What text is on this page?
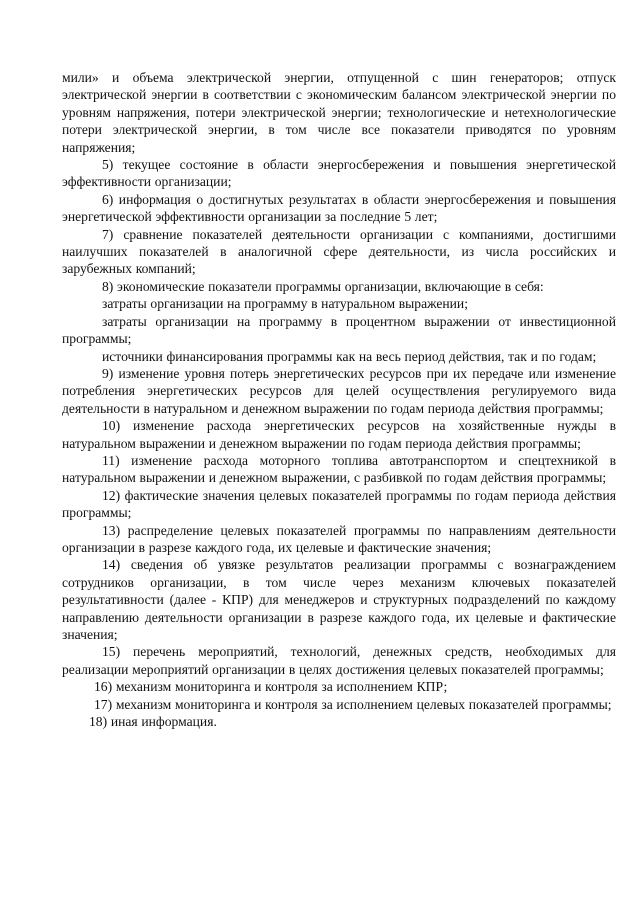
мили» и объема электрической энергии, отпущенной с шин генераторов; отпуск электрической энергии в соответствии с экономическим балансом электрической энергии по уровням напряжения, потери электрической энергии; технологические и нетехнологические потери электрической энергии, в том числе все показатели приводятся по уровням напряжения;

5) текущее состояние в области энергосбережения и повышения энергетической эффективности организации;

6) информация о достигнутых результатах в области энергосбережения и повышения энергетической эффективности организации за последние 5 лет;

7) сравнение показателей деятельности организации с компаниями, достигшими наилучших показателей в аналогичной сфере деятельности, из числа российских и зарубежных компаний;

8) экономические показатели программы организации, включающие в себя:

затраты организации на программу в натуральном выражении;

затраты организации на программу в процентном выражении от инвестиционной программы;

источники финансирования программы как на весь период действия, так и по годам;

9) изменение уровня потерь энергетических ресурсов при их передаче или изменение потребления энергетических ресурсов для целей осуществления регулируемого вида деятельности в натуральном и денежном выражении по годам периода действия программы;

10) изменение расхода энергетических ресурсов на хозяйственные нужды в натуральном выражении и денежном выражении по годам периода действия программы;

11) изменение расхода моторного топлива автотранспортом и спецтехникой в натуральном выражении и денежном выражении, с разбивкой по годам действия программы;

12) фактические значения целевых показателей программы по годам периода действия программы;

13) распределение целевых показателей программы по направлениям деятельности организации в разрезе каждого года, их целевые и фактические значения;

14) сведения об увязке результатов реализации программы с вознаграждением сотрудников организации, в том числе через механизм ключевых показателей результативности (далее - КПР) для менеджеров и структурных подразделений по каждому направлению деятельности организации в разрезе каждого года, их целевые и фактические значения;

15) перечень мероприятий, технологий, денежных средств, необходимых для реализации мероприятий организации в целях достижения целевых показателей программы;

16) механизм мониторинга и контроля за исполнением КПР;

17) механизм мониторинга и контроля за исполнением целевых показателей программы;

18) иная информация.
